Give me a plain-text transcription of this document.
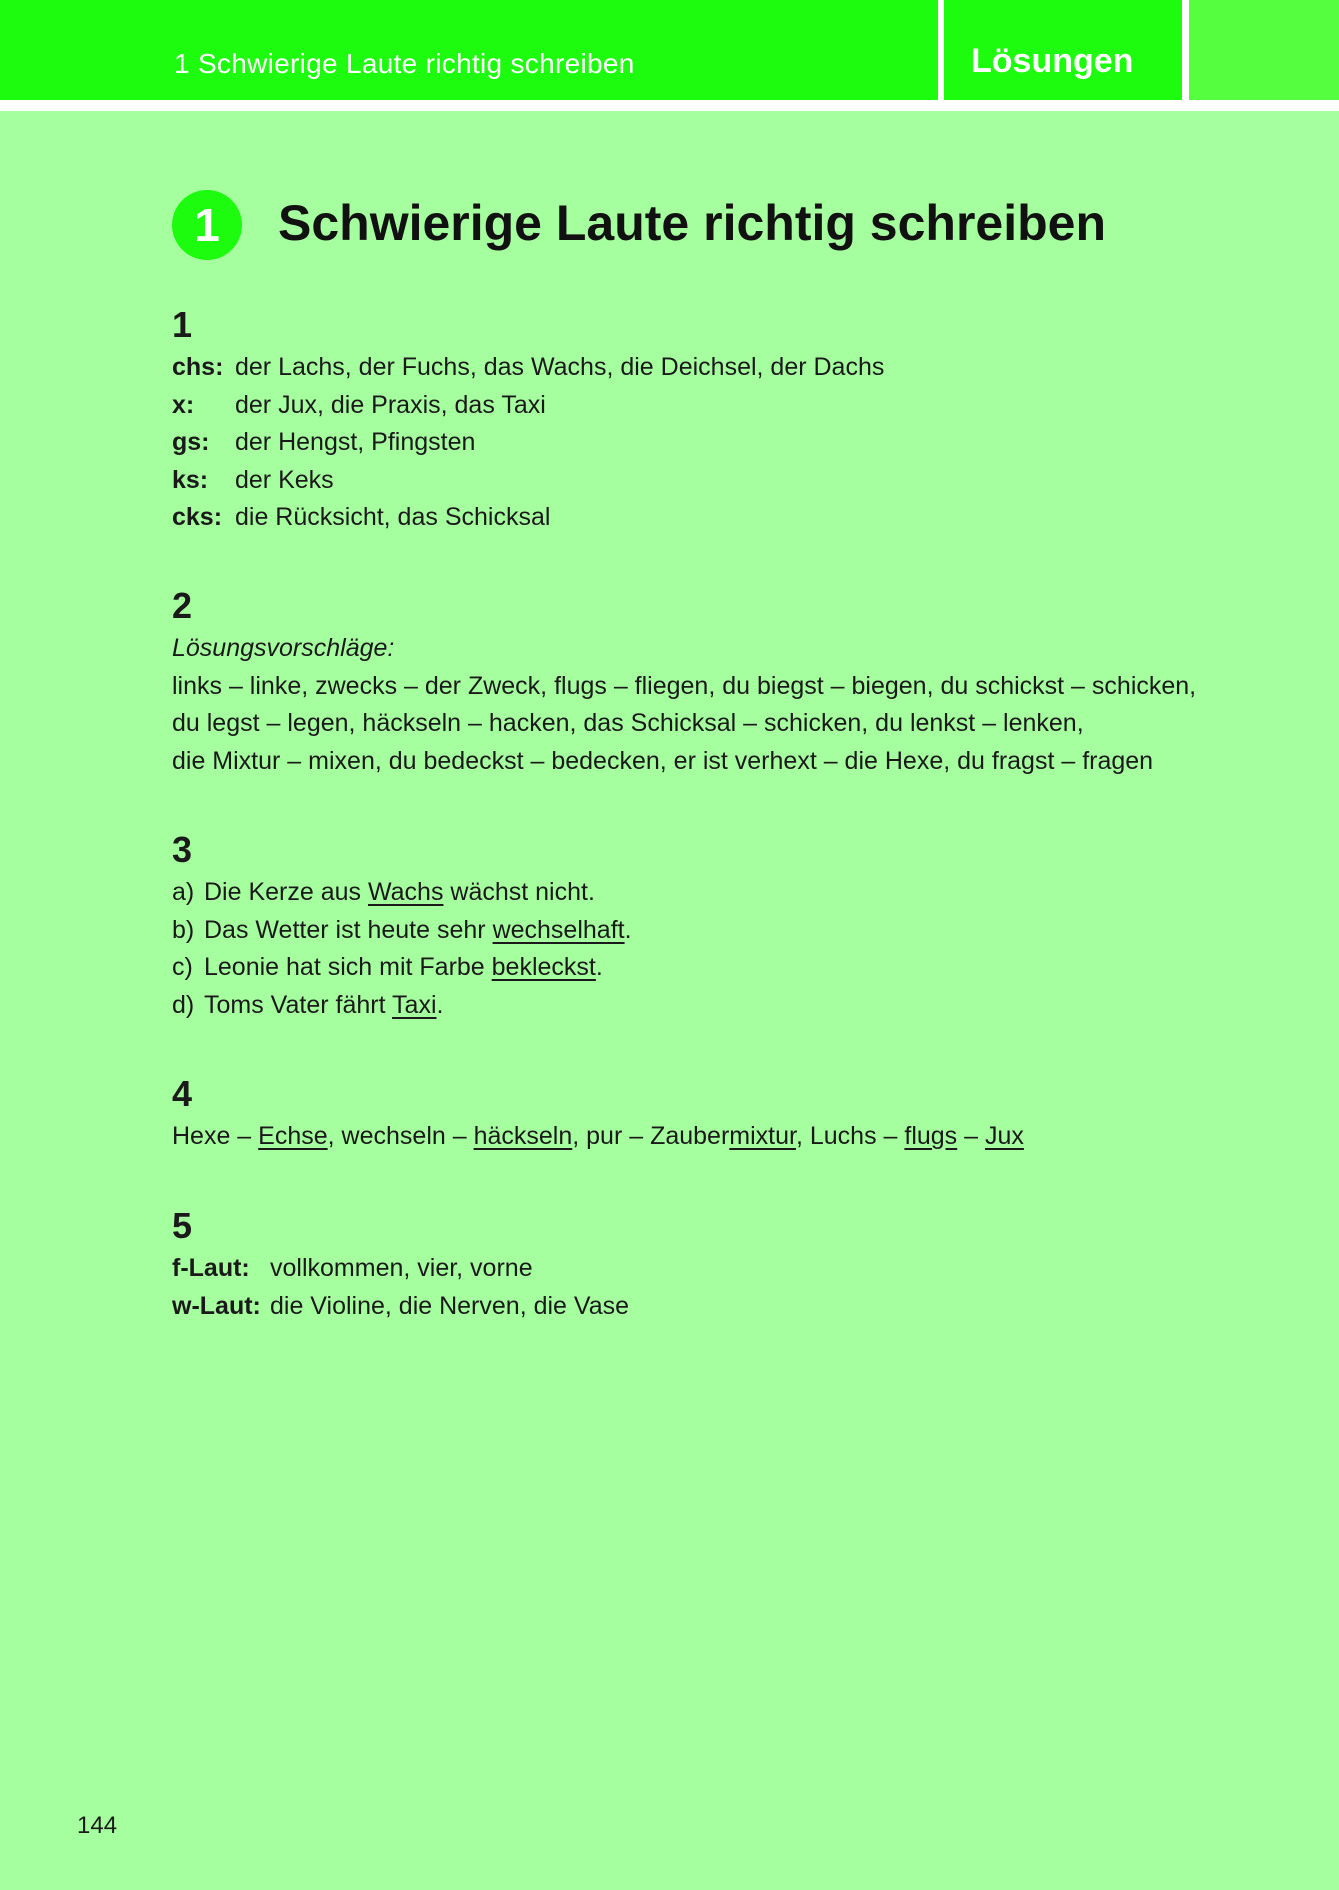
1 Schwierige Laute richtig schreiben	Lösungen
1	Schwierige Laute richtig schreiben
1
chs: der Lachs, der Fuchs, das Wachs, die Deichsel, der Dachs
x: der Jux, die Praxis, das Taxi
gs: der Hengst, Pfingsten
ks: der Keks
cks: die Rücksicht, das Schicksal
2
Lösungsvorschläge:
links – linke, zwecks – der Zweck, flugs – fliegen, du biegst – biegen, du schickst – schicken,
du legst – legen, häckseln – hacken, das Schicksal – schicken, du lenkst – lenken,
die Mixtur – mixen, du bedeckst – bedecken, er ist verhext – die Hexe, du fragst – fragen
3
a) Die Kerze aus Wachs wächst nicht.
b) Das Wetter ist heute sehr wechselhaft.
c) Leonie hat sich mit Farbe bekleckst.
d) Toms Vater fährt Taxi.
4
Hexe – Echse, wechseln – häckseln, pur – Zaubermixtur, Luchs – flugs – Jux
5
f-Laut: vollkommen, vier, vorne
w-Laut: die Violine, die Nerven, die Vase
144
